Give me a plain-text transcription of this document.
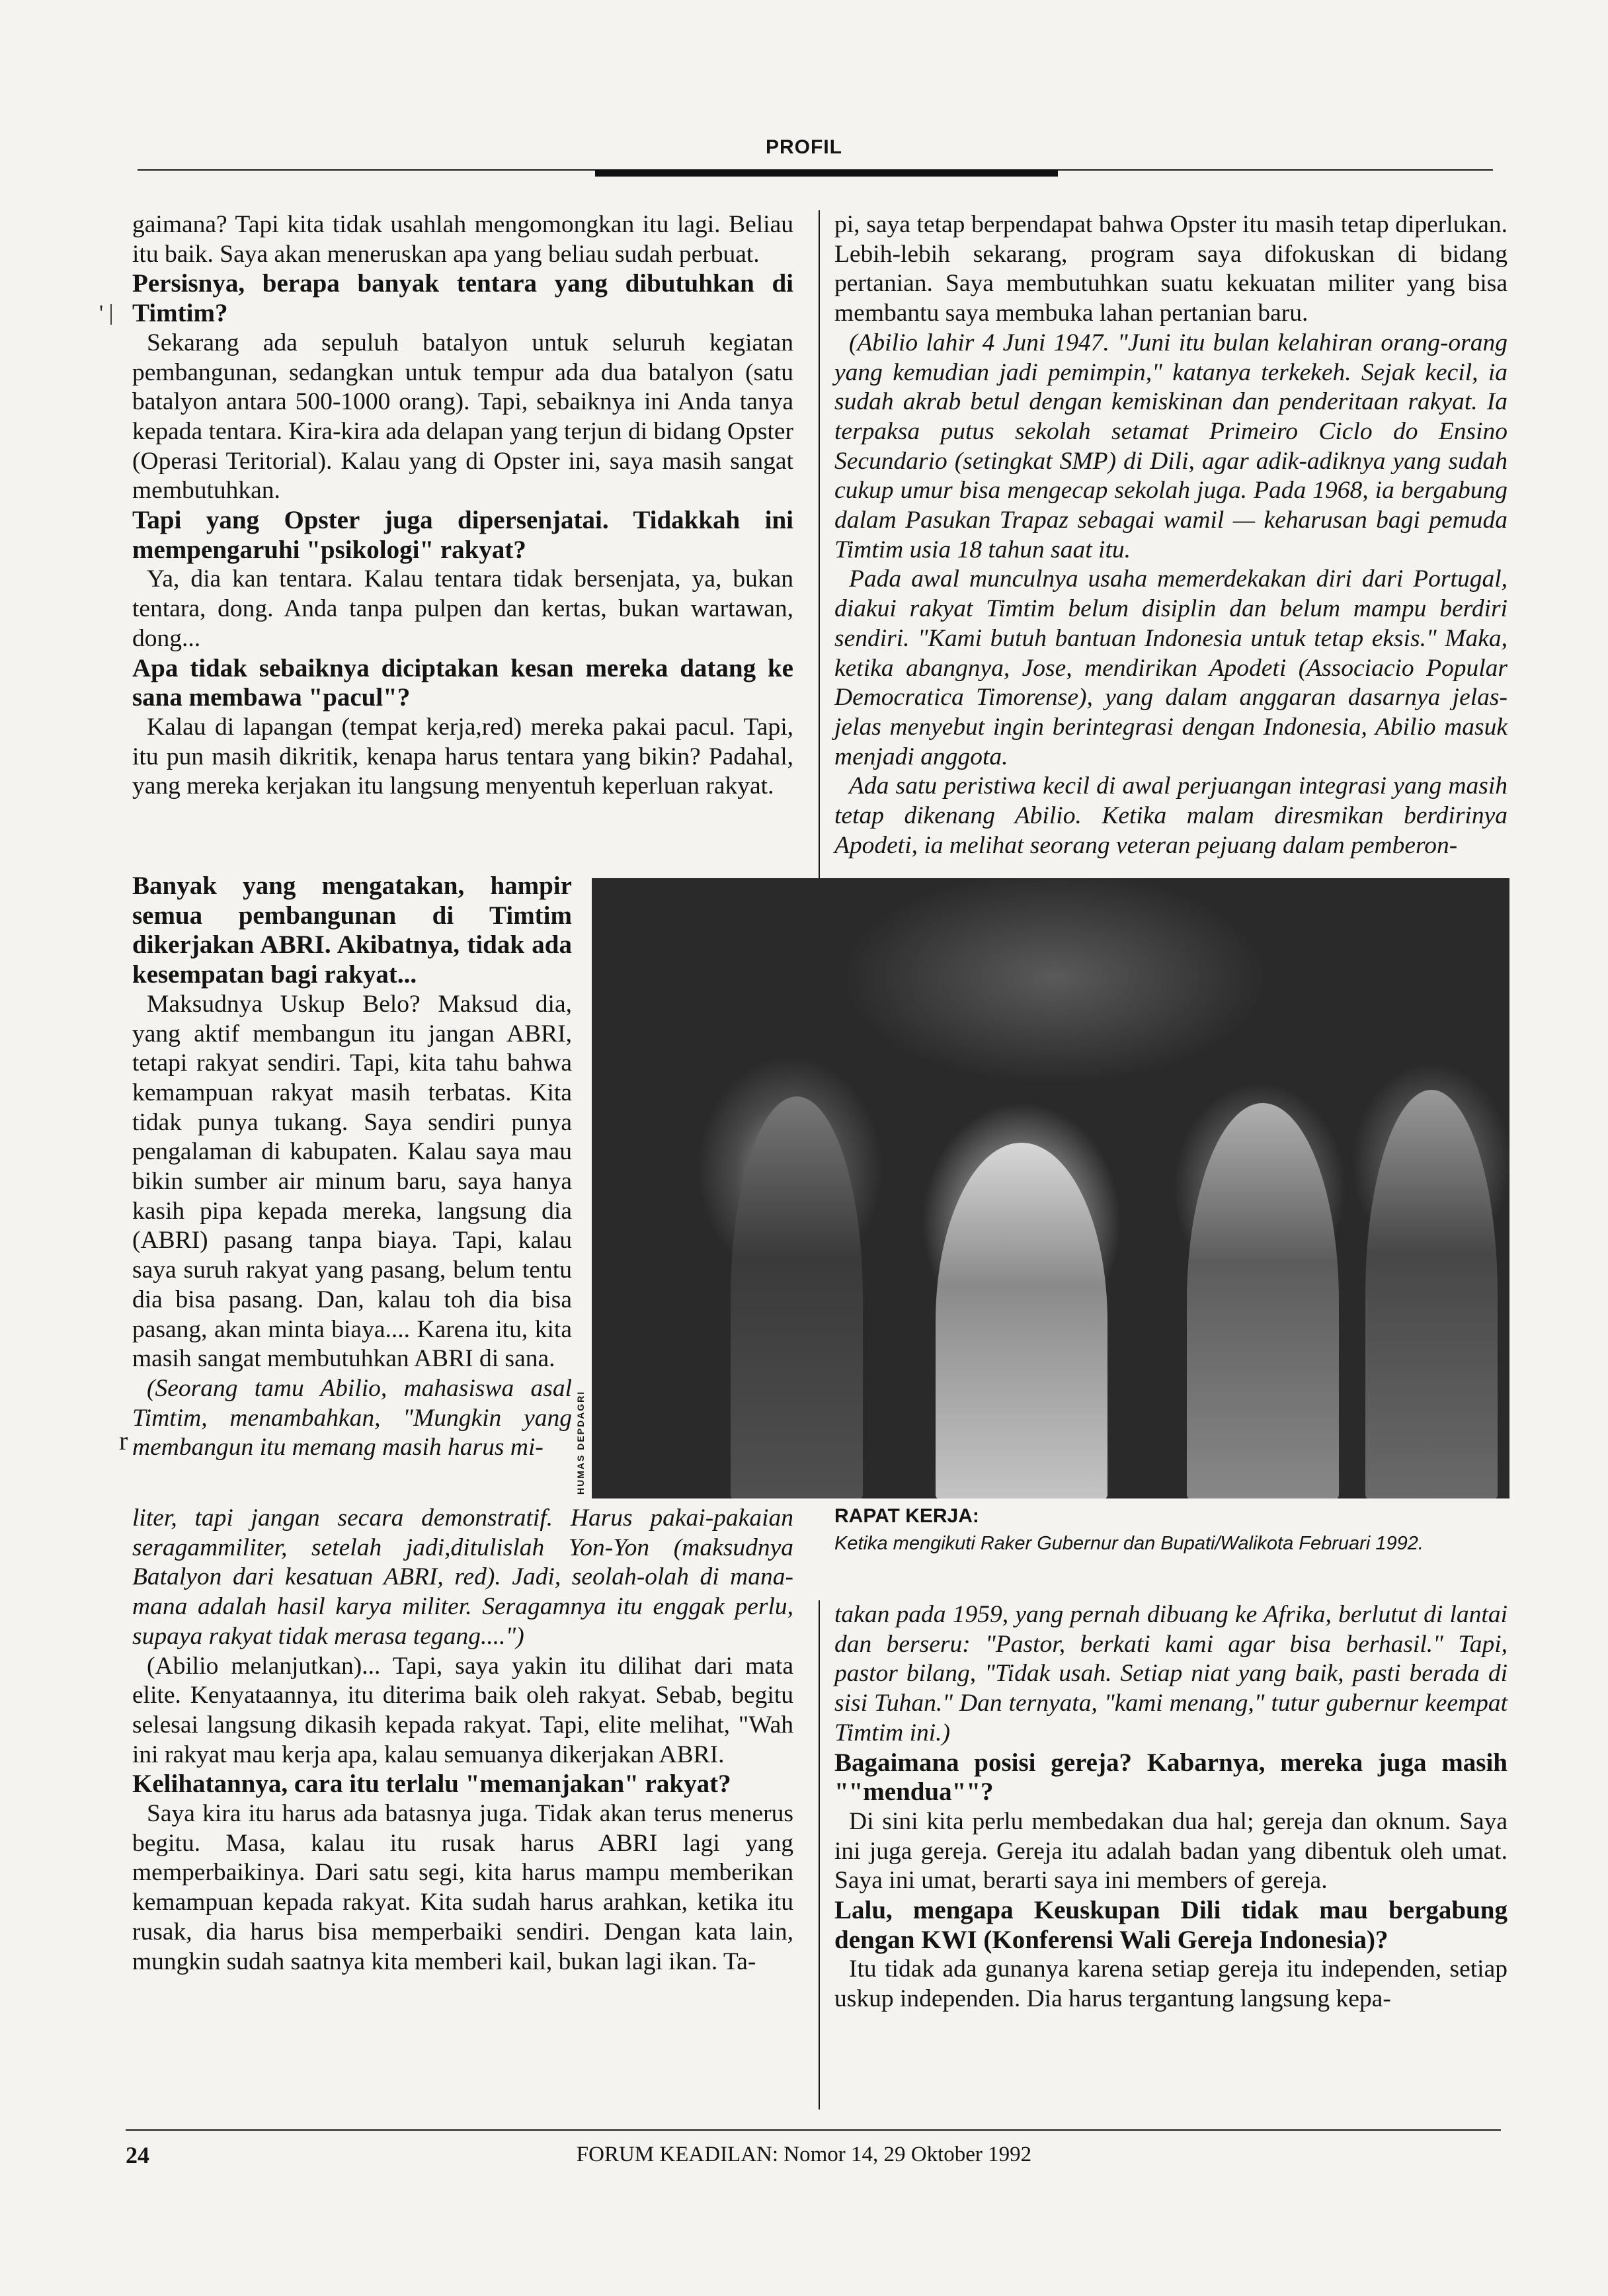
PROFIL
' |
r

gaimana? Tapi kita tidak usahlah mengomongkan itu lagi. Beliau itu baik. Saya akan meneruskan apa yang beliau sudah perbuat.

Persisnya, berapa banyak tentara yang dibutuhkan di Timtim?

Sekarang ada sepuluh batalyon untuk seluruh kegiatan pembangunan, sedangkan untuk tempur ada dua batalyon (satu batalyon antara 500-1000 orang). Tapi, sebaiknya ini Anda tanya kepada tentara. Kira-kira ada delapan yang terjun di bidang Opster (Operasi Teritorial). Kalau yang di Opster ini, saya masih sangat membutuhkan.

Tapi yang Opster juga dipersenjatai. Tidakkah ini mempengaruhi "psikologi" rakyat?

Ya, dia kan tentara. Kalau tentara tidak bersenjata, ya, bukan tentara, dong. Anda tanpa pulpen dan kertas, bukan wartawan, dong...

Apa tidak sebaiknya diciptakan kesan mereka datang ke sana membawa "pacul"?

Kalau di lapangan (tempat kerja,red) mereka pakai pacul. Tapi, itu pun masih dikritik, kenapa harus tentara yang bikin? Padahal, yang mereka kerjakan itu langsung menyentuh keperluan rakyat.

pi, saya tetap berpendapat bahwa Opster itu masih tetap diperlukan. Lebih-lebih sekarang, program saya difokuskan di bidang pertanian. Saya membutuhkan suatu kekuatan militer yang bisa membantu saya membuka lahan pertanian baru.

(Abilio lahir 4 Juni 1947. "Juni itu bulan kelahiran orang-orang yang kemudian jadi pemimpin," katanya terkekeh. Sejak kecil, ia sudah akrab betul dengan kemiskinan dan penderitaan rakyat. Ia terpaksa putus sekolah setamat Primeiro Ciclo do Ensino Secundario (setingkat SMP) di Dili, agar adik-adiknya yang sudah cukup umur bisa mengecap sekolah juga. Pada 1968, ia bergabung dalam Pasukan Trapaz sebagai wamil — keharusan bagi pemuda Timtim usia 18 tahun saat itu.

Pada awal munculnya usaha memerdekakan diri dari Portugal, diakui rakyat Timtim belum disiplin dan belum mampu berdiri sendiri. "Kami butuh bantuan Indonesia untuk tetap eksis." Maka, ketika abangnya, Jose, mendirikan Apodeti (Associacio Popular Democratica Timorense), yang dalam anggaran dasarnya jelas-jelas menyebut ingin berintegrasi dengan Indonesia, Abilio masuk menjadi anggota.

Ada satu peristiwa kecil di awal perjuangan integrasi yang masih tetap dikenang Abilio. Ketika malam diresmikan berdirinya Apodeti, ia melihat seorang veteran pejuang dalam pemberon-

Banyak yang mengatakan, hampir semua pembangunan di Timtim dikerjakan ABRI. Akibatnya, tidak ada kesempatan bagi rakyat...

Maksudnya Uskup Belo? Maksud dia, yang aktif membangun itu jangan ABRI, tetapi rakyat sendiri. Tapi, kita tahu bahwa kemampuan rakyat masih terbatas. Kita tidak punya tukang. Saya sendiri punya pengalaman di kabupaten. Kalau saya mau bikin sumber air minum baru, saya hanya kasih pipa kepada mereka, langsung dia (ABRI) pasang tanpa biaya. Tapi, kalau saya suruh rakyat yang pasang, belum tentu dia bisa pasang. Dan, kalau toh dia bisa pasang, akan minta biaya.... Karena itu, kita masih sangat membutuhkan ABRI di sana.

(Seorang tamu Abilio, mahasiswa asal Timtim, menambahkan, "Mungkin yang membangun itu memang masih harus mi-

liter, tapi jangan secara demonstratif. Harus pakai-pakaian seragammiliter, setelah jadi,ditulislah Yon-Yon (maksudnya Batalyon dari kesatuan ABRI, red). Jadi, seolah-olah di mana-mana adalah hasil karya militer. Seragamnya itu enggak perlu, supaya rakyat tidak merasa tegang....")

(Abilio melanjutkan)... Tapi, saya yakin itu dilihat dari mata elite. Kenyataannya, itu diterima baik oleh rakyat. Sebab, begitu selesai langsung dikasih kepada rakyat. Tapi, elite melihat, "Wah ini rakyat mau kerja apa, kalau semuanya dikerjakan ABRI.

Kelihatannya, cara itu terlalu "memanjakan" rakyat?

Saya kira itu harus ada batasnya juga. Tidak akan terus menerus begitu. Masa, kalau itu rusak harus ABRI lagi yang memperbaikinya. Dari satu segi, kita harus mampu memberikan kemampuan kepada rakyat. Kita sudah harus arahkan, ketika itu rusak, dia harus bisa memperbaiki sendiri. Dengan kata lain, mungkin sudah saatnya kita memberi kail, bukan lagi ikan. Ta-

takan pada 1959, yang pernah dibuang ke Afrika, berlutut di lantai dan berseru: "Pastor, berkati kami agar bisa berhasil." Tapi, pastor bilang, "Tidak usah. Setiap niat yang baik, pasti berada di sisi Tuhan." Dan ternyata, "kami menang," tutur gubernur keempat Timtim ini.)

Bagaimana posisi gereja? Kabarnya, mereka juga masih ""mendua""?

Di sini kita perlu membedakan dua hal; gereja dan oknum. Saya ini juga gereja. Gereja itu adalah badan yang dibentuk oleh umat. Saya ini umat, berarti saya ini members of gereja.

Lalu, mengapa Keuskupan Dili tidak mau bergabung dengan KWI (Konferensi Wali Gereja Indonesia)?

Itu tidak ada gunanya karena setiap gereja itu independen, setiap uskup independen. Dia harus tergantung langsung kepa-

HUMAS DEPDAGRI
RAPAT KERJA:
Ketika mengikuti Raker Gubernur dan Bupati/Walikota Februari 1992.
24	FORUM KEADILAN: Nomor 14, 29 Oktober 1992
